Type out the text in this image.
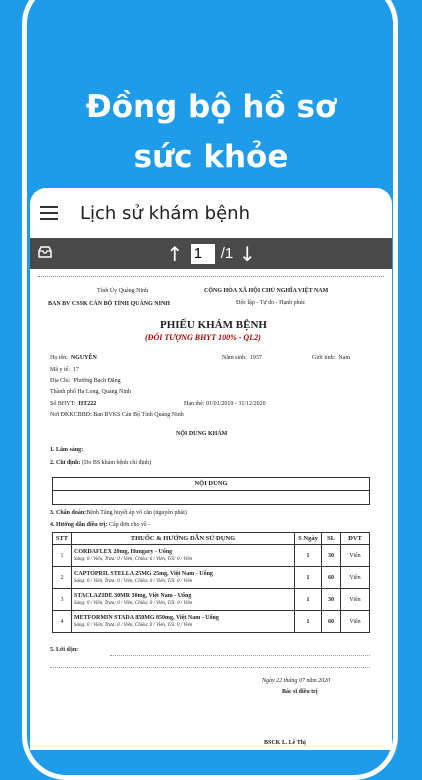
Đồng bộ hồ sơ
sức khỏe
Lịch sử khám bệnh
↑ 1	/1 ↓
Tỉnh Ủy Quảng Ninh
BAN BV CSSK CÁN BỘ TỈNH QUẢNG NINH
CỘNG HÒA XÃ HỘI CHỦ NGHĨA VIỆT NAM
Độc lập - Tự do - Hạnh phúc
PHIẾU KHÁM BỆNH
(ĐỐI TƯỢNG BHYT 100% - QL2)
Họ tên: NGUYỄN	Năm sinh: 1937	Giới tính: Nam
Mã y tế: 17
Địa Chỉ: Phường Bạch Đằng
Thành phố Hạ Long, Quảng Ninh
Số BHYT: HT222	Hạn thẻ: 01/01/2019 - 31/12/2020
Nơi ĐKKCBBĐ: Ban BVKS Cán Bộ Tỉnh Quảng Ninh
NỘI DUNG KHÁM
1. Lâm sàng:
2. Chỉ định: (Do BS khám bệnh chỉ định)
NỘI DUNG
3. Chẩn đoán:Bệnh Tăng huyết áp vô căn (nguyên phát)
4. Hướng dẫn điều trị: Cấp đơn cho về -
STT	THUỐC & HƯỚNG DẪN SỬ DỤNG	S Ngày	SL	ĐVT
1	CORDAFLEX 20mg, Hungary - Uống
Sáng: 0 / Viên, Trưa: 0 / Viên, Chiều: 0 / Viên, Tối: 0 / Viên	1	30	Viên
2	CAPTOPRIL STELLA 25MG 25mg, Việt Nam - Uống
Sáng: 0 / Viên, Trưa: 0 / Viên, Chiều: 0 / Viên, Tối: 0 / Viên	1	60	Viên
3	STACLAZIDE 30MR 30mg, Việt Nam - Uống
Sáng: 0 / Viên, Trưa: 0 / Viên, Chiều: 0 / Viên, Tối: 0 / Viên	1	30	Viên
4	METFORMIN STADA 850MG 850mg, Việt Nam - Uống
Sáng: 0 / Viên, Trưa: 0 / Viên, Chiều: 0 / Viên, Tối: 0 / Viên	1	60	Viên
5. Lời dặn:
Ngày 22 tháng 07 năm 2020
Bác sĩ điều trị
BSCK I.. Lê Thị
